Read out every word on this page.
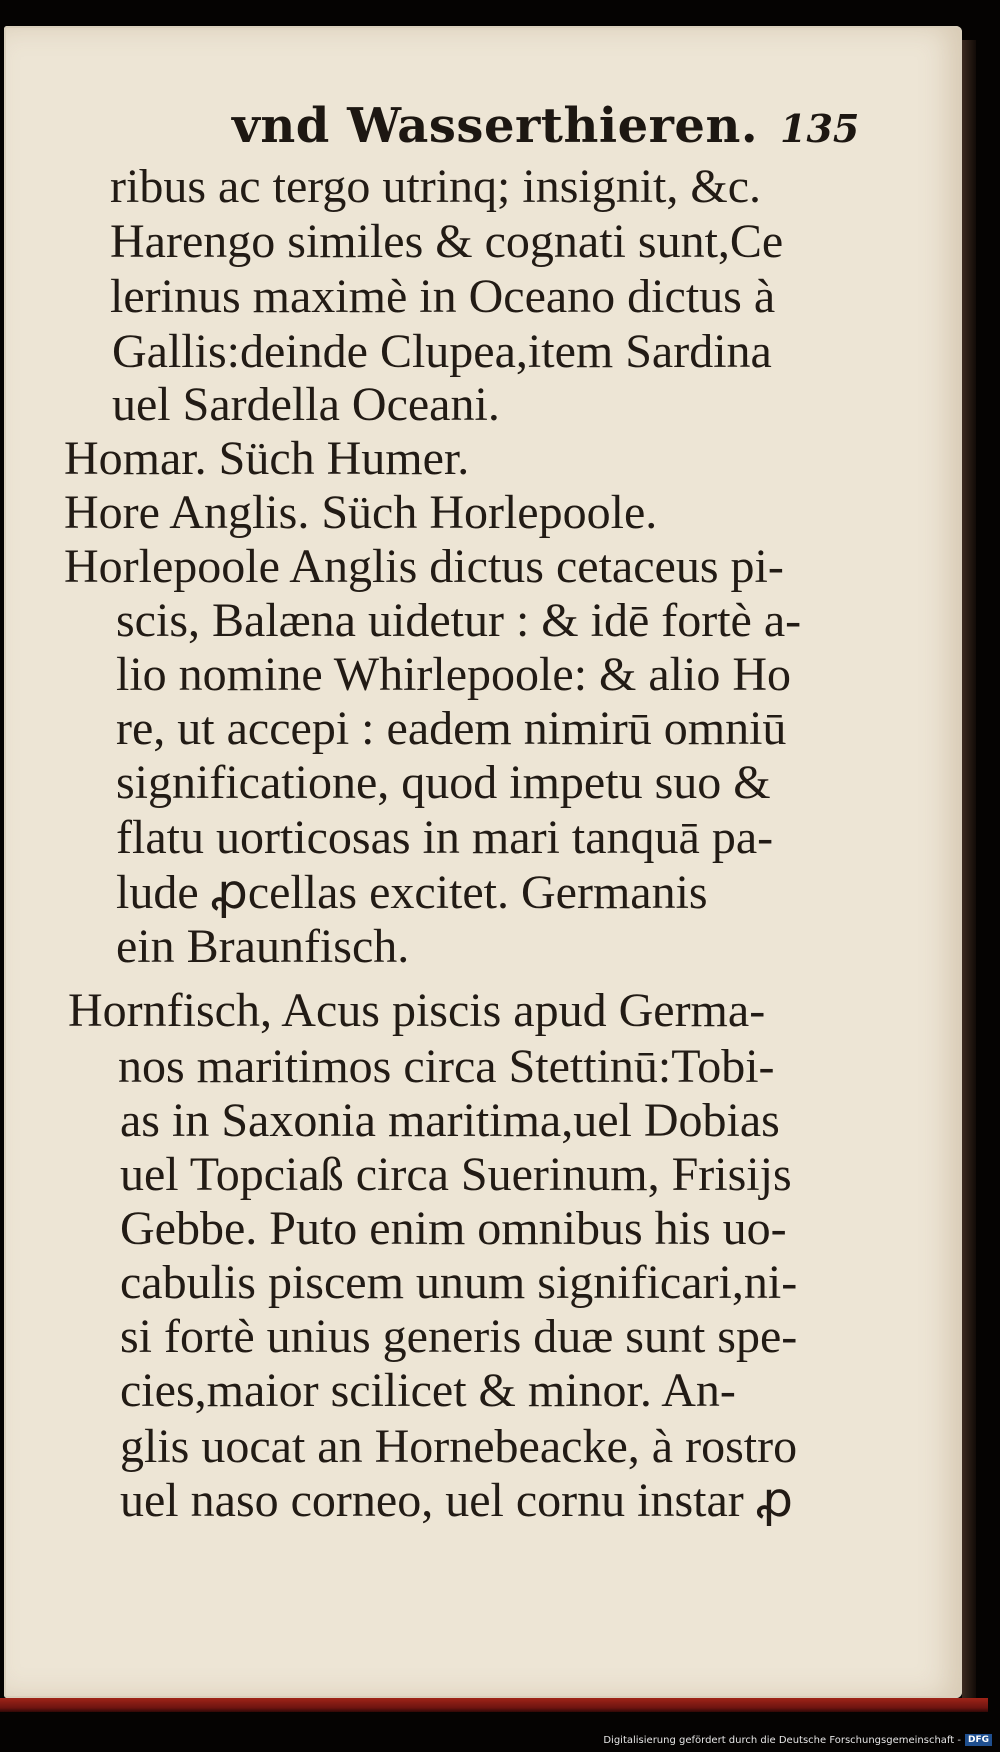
vnd Wasserthieren. 135
ribus ac tergo utrinq; insignit, &c.
Harengo similes & cognati sunt,Ce
lerinus maximè in Oceano dictus à
Gallis:deinde Clupea,item Sardina
uel Sardella Oceani.
Homar. Süch Humer.
Hore Anglis. Süch Horlepoole.
Horlepoole Anglis dictus cetaceus pi-
scis, Balæna uidetur : & idē fortè a-
lio nomine Whirlepoole: & alio Ho
re, ut accepi : eadem nimirū omniū
significatione, quod impetu suo &
flatu uorticosas in mari tanquā pa-
lude ꝓcellas excitet. Germanis
ein Braunfisch.
Hornfisch, Acus piscis apud Germa-
nos maritimos circa Stettinū:Tobi-
as in Saxonia maritima,uel Dobias
uel Topciaß circa Suerinum, Frisijs
Gebbe. Puto enim omnibus his uo-
cabulis piscem unum significari,ni-
si fortè unius generis duæ sunt spe-
cies,maior scilicet & minor. An-
glis uocat an Hornebeacke, à rostro
uel naso corneo, uel cornu instar ꝓ
Digitalisierung gefördert durch die Deutsche Forschungsgemeinschaft - DFG
